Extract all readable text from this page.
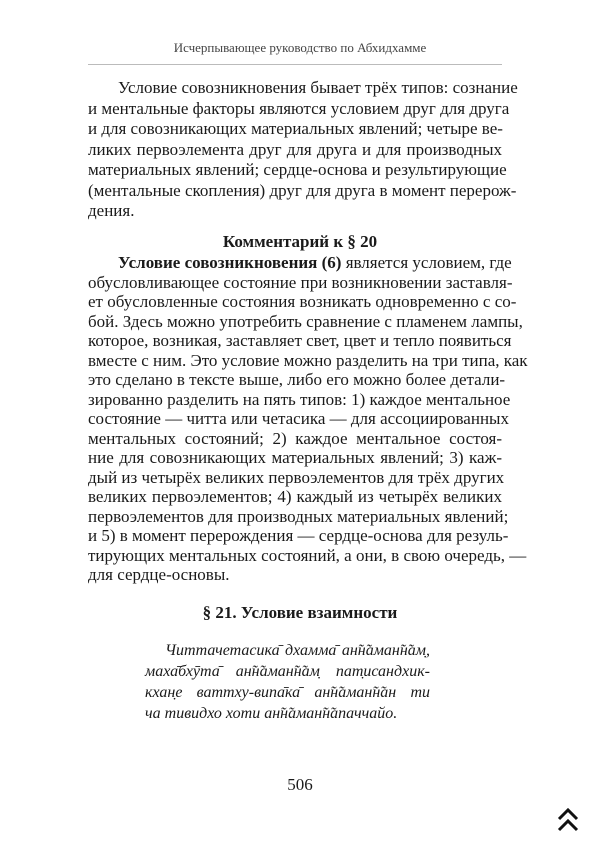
Исчерпывающее руководство по Абхидхамме
Условие совозникновения бывает трёх типов: сознание
и ментальные факторы являются условием друг для друга
и для совозникающих материальных явлений; четыре ве-
ликих первоэлемента друг для друга и для производных
материальных явлений; сердце-основа и результирующие
(ментальные скопления) друг для друга в момент перерож-
дения.
Комментарий к § 20
Условие совозникновения (6) является условием, где
обусловливающее состояние при возникновении заставля-
ет обусловленные состояния возникать одновременно с со-
бой. Здесь можно употребить сравнение с пламенем лампы,
которое, возникая, заставляет свет, цвет и тепло появиться
вместе с ним. Это условие можно разделить на три типа, как
это сделано в тексте выше, либо его можно более детали-
зированно разделить на пять типов: 1) каждое ментальное
состояние — читта или четасика — для ассоциированных
ментальных состояний; 2) каждое ментальное состоя-
ние для совозникающих материальных явлений; 3) каж-
дый из четырёх великих первоэлементов для трёх других
великих первоэлементов; 4) каждый из четырёх великих
первоэлементов для производных материальных явлений;
и 5) в момент перерождения — сердце-основа для резуль-
тирующих ментальных состояний, а они, в свою очередь, —
для сердце-основы.
§ 21. Условие взаимности
Читтачетасика̄ дхамма̄ ан̃н̃аман̃н̃ам̣,
маха̄бхӯта̄ ан̃н̃аман̃н̃ам̣ пат̣исандхик-
кхан̣е ваттху-випа̄ка̄ ан̃н̃аман̃н̃ан ти
ча тивидхо хоти ан̃н̃аман̃н̃апаччайо.
506
